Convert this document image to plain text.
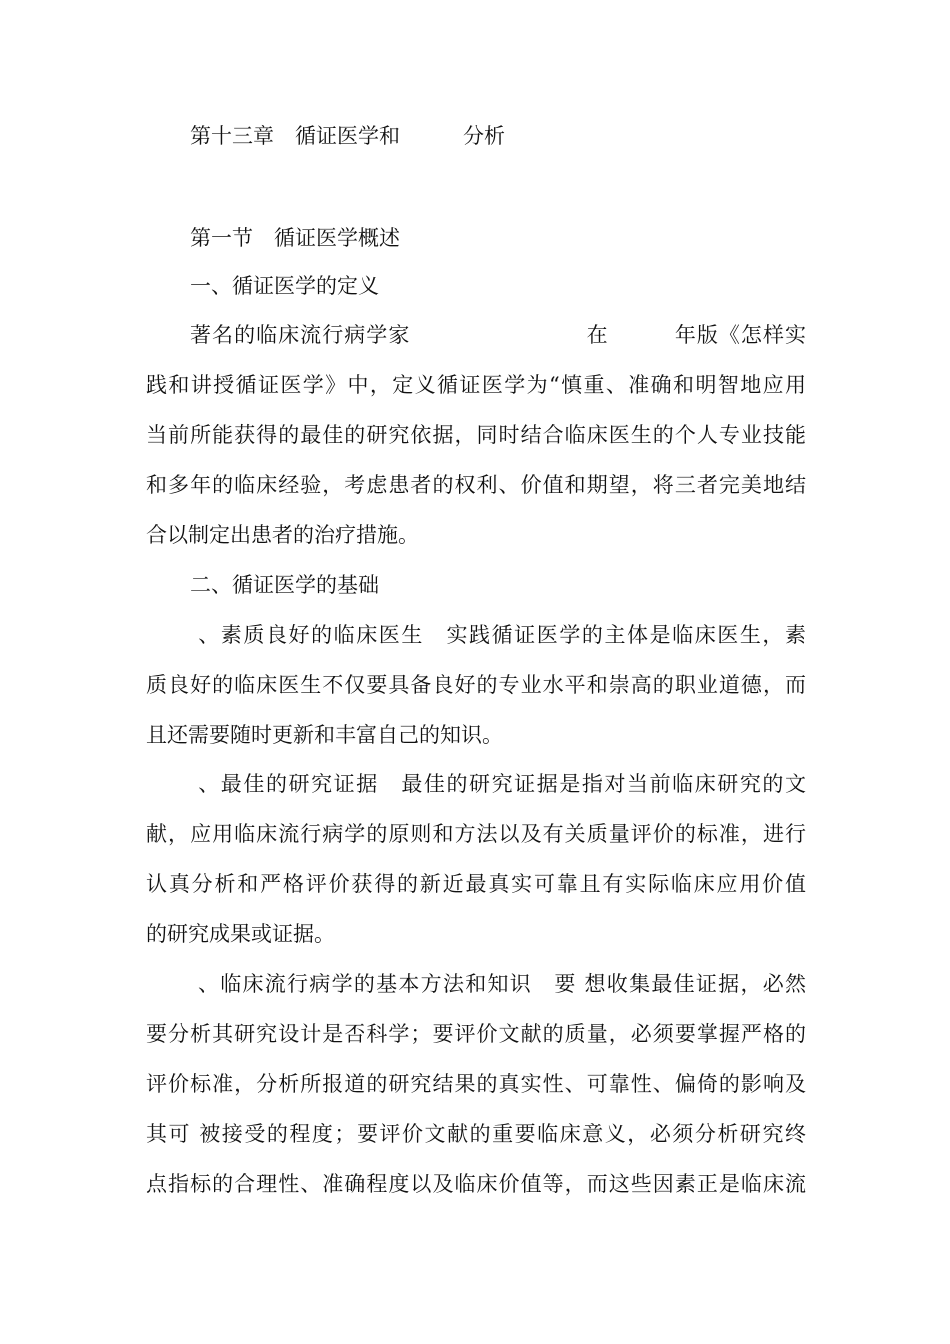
第十三章　循证医学和　　　分析

第一节　循证医学概述

一、循证医学的定义

著名的临床流行病学家　　　　　　　　在　　　年版《怎样实

践和讲授循证医学》中，定义循证医学为“慎重、准确和明智地应用

当前所能获得的最佳的研究依据，同时结合临床医生的个人专业技能

和多年的临床经验，考虑患者的权利、价值和期望，将三者完美地结

合以制定出患者的治疗措施。

二、循证医学的基础

、素质良好的临床医生　实践循证医学的主体是临床医生，素

质良好的临床医生不仅要具备良好的专业水平和崇高的职业道德，而

且还需要随时更新和丰富自己的知识。

、最佳的研究证据　最佳的研究证据是指对当前临床研究的文

献，应用临床流行病学的原则和方法以及有关质量评价的标准，进行

认真分析和严格评价获得的新近最真实可靠且有实际临床应用价值

的研究成果或证据。

、临床流行病学的基本方法和知识　要 想收集最佳证据，必然

要分析其研究设计是否科学；要评价文献的质量，必须要掌握严格的

评价标准，分析所报道的研究结果的真实性、可靠性、偏倚的影响及

其可 被接受的程度；要评价文献的重要临床意义，必须分析研究终

点指标的合理性、准确程度以及临床价值等，而这些因素正是临床流
